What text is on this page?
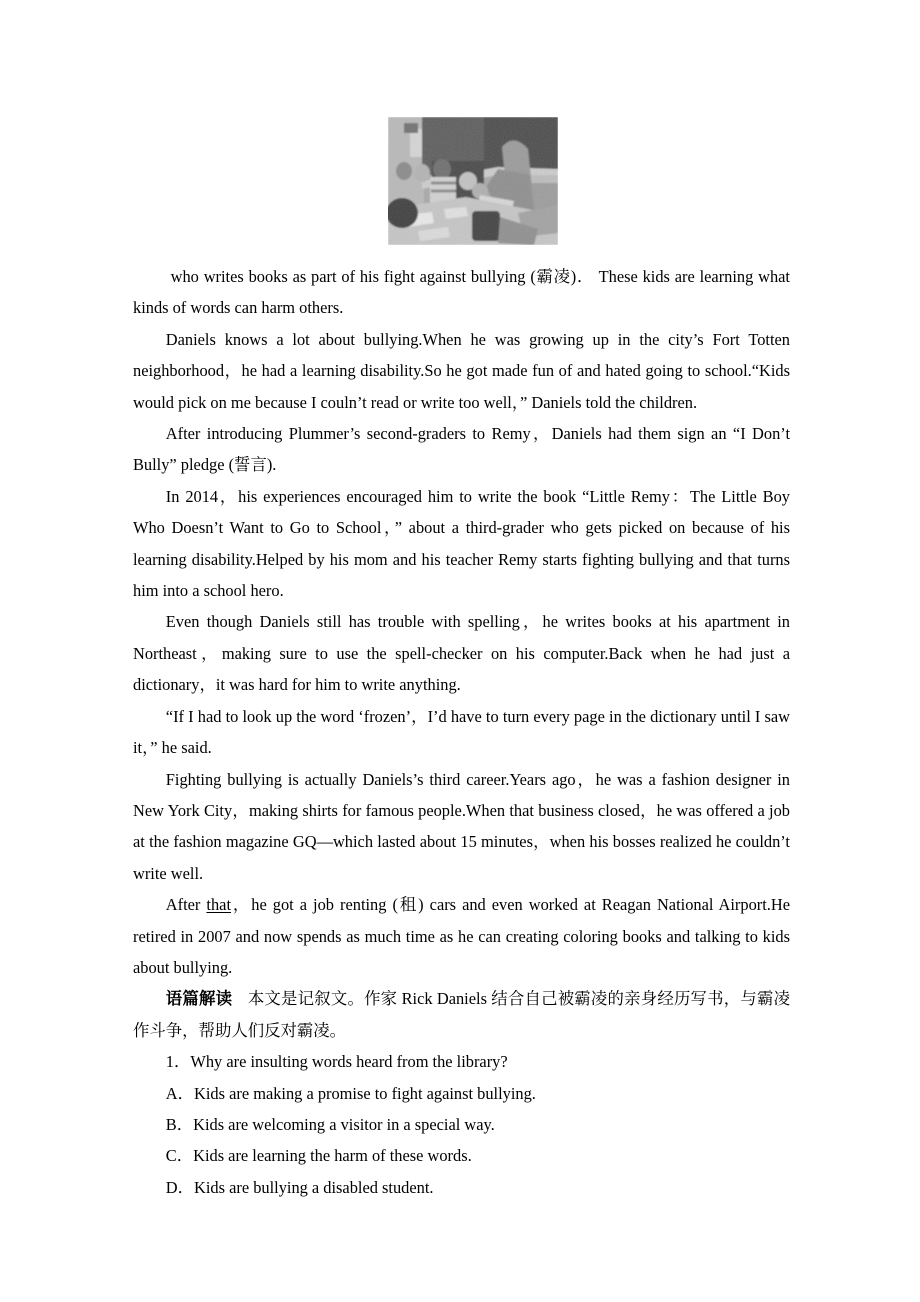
who writes books as part of his fight against bullying (霸凌)． These kids are learning what kinds of words can harm others.

Daniels knows a lot about bullying.When he was growing up in the city’s Fort Totten neighborhood，he had a learning disability.So he got made fun of and hated going to school.“Kids would pick on me because I couln’t read or write too well，” Daniels told the children.

After introducing Plummer’s second-graders to Remy，Daniels had them sign an “I Don’t Bully” pledge (誓言).

In 2014，his experiences encouraged him to write the book “Little Remy：The Little Boy Who Doesn’t Want to Go to School，” about a third-grader who gets picked on because of his learning disability.Helped by his mom and his teacher Remy starts fighting bullying and that turns him into a school hero.

Even though Daniels still has trouble with spelling，he writes books at his apartment in Northeast，making sure to use the spell-checker on his computer.Back when he had just a dictionary，it was hard for him to write anything.

“If I had to look up the word ‘frozen’，I’d have to turn every page in the dictionary until I saw it，” he said.

Fighting bullying is actually Daniels’s third career.Years ago，he was a fashion designer in New York City，making shirts for famous people.When that business closed，he was offered a job at the fashion magazine GQ—which lasted about 15 minutes，when his bosses realized he couldn’t write well.

After that，he got a job renting (租) cars and even worked at Reagan National Airport.He retired in 2007 and now spends as much time as he can creating coloring books and talking to kids about bullying.

语篇解读 本文是记叙文。作家 Rick Daniels 结合自己被霸凌的亲身经历写书，与霸凌作斗争，帮助人们反对霸凌。

1．Why are insulting words heard from the library?

A．Kids are making a promise to fight against bullying.

B．Kids are welcoming a visitor in a special way.

C．Kids are learning the harm of these words.

D．Kids are bullying a disabled student.
